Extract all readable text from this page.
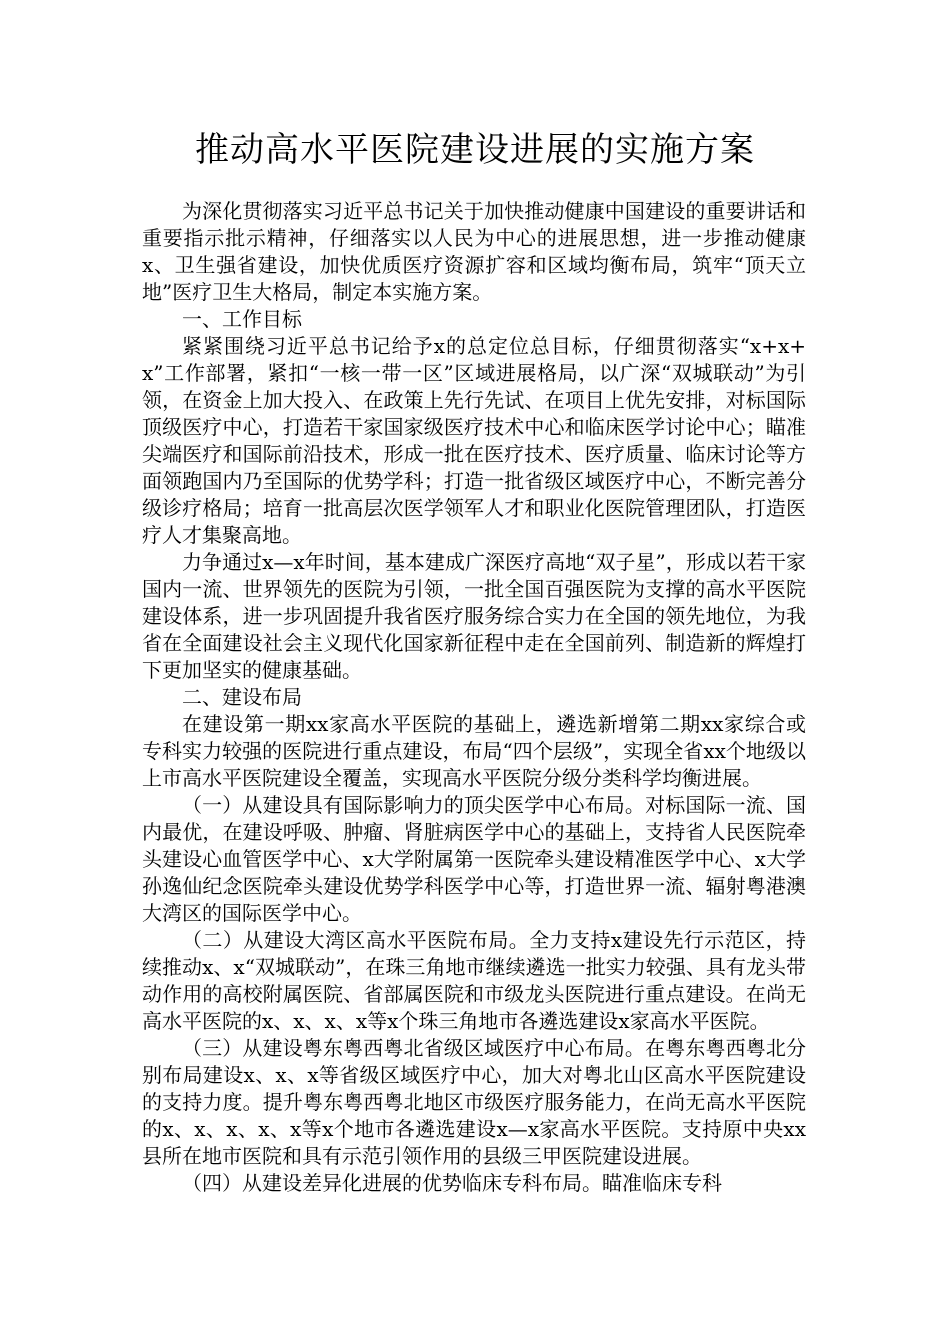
推动高水平医院建设进展的实施方案

为深化贯彻落实习近平总书记关于加快推动健康中国建设的重要讲话和重要指示批示精神，仔细落实以人民为中心的进展思想，进一步推动健康x、卫生强省建设，加快优质医疗资源扩容和区域均衡布局，筑牢“顶天立地”医疗卫生大格局，制定本实施方案。

一、工作目标

紧紧围绕习近平总书记给予x的总定位总目标，仔细贯彻落实“x+x+x”工作部署，紧扣“一核一带一区”区域进展格局，以广深“双城联动”为引领，在资金上加大投入、在政策上先行先试、在项目上优先安排，对标国际顶级医疗中心，打造若干家国家级医疗技术中心和临床医学讨论中心；瞄准尖端医疗和国际前沿技术，形成一批在医疗技术、医疗质量、临床讨论等方面领跑国内乃至国际的优势学科；打造一批省级区域医疗中心，不断完善分级诊疗格局；培育一批高层次医学领军人才和职业化医院管理团队，打造医疗人才集聚高地。

力争通过x—x年时间，基本建成广深医疗高地“双子星”，形成以若干家国内一流、世界领先的医院为引领，一批全国百强医院为支撑的高水平医院建设体系，进一步巩固提升我省医疗服务综合实力在全国的领先地位，为我省在全面建设社会主义现代化国家新征程中走在全国前列、制造新的辉煌打下更加坚实的健康基础。

二、建设布局

在建设第一期xx家高水平医院的基础上，遴选新增第二期xx家综合或专科实力较强的医院进行重点建设，布局“四个层级”，实现全省xx个地级以上市高水平医院建设全覆盖，实现高水平医院分级分类科学均衡进展。

（一）从建设具有国际影响力的顶尖医学中心布局。对标国际一流、国内最优，在建设呼吸、肿瘤、肾脏病医学中心的基础上，支持省人民医院牵头建设心血管医学中心、x大学附属第一医院牵头建设精准医学中心、x大学孙逸仙纪念医院牵头建设优势学科医学中心等，打造世界一流、辐射粤港澳大湾区的国际医学中心。

（二）从建设大湾区高水平医院布局。全力支持x建设先行示范区，持续推动x、x“双城联动”，在珠三角地市继续遴选一批实力较强、具有龙头带动作用的高校附属医院、省部属医院和市级龙头医院进行重点建设。在尚无高水平医院的x、x、x、x等x个珠三角地市各遴选建设x家高水平医院。

（三）从建设粤东粤西粤北省级区域医疗中心布局。在粤东粤西粤北分别布局建设x、x、x等省级区域医疗中心，加大对粤北山区高水平医院建设的支持力度。提升粤东粤西粤北地区市级医疗服务能力，在尚无高水平医院的x、x、x、x、x等x个地市各遴选建设x—x家高水平医院。支持原中央xx县所在地市医院和具有示范引领作用的县级三甲医院建设进展。

（四）从建设差异化进展的优势临床专科布局。瞄准临床专科
